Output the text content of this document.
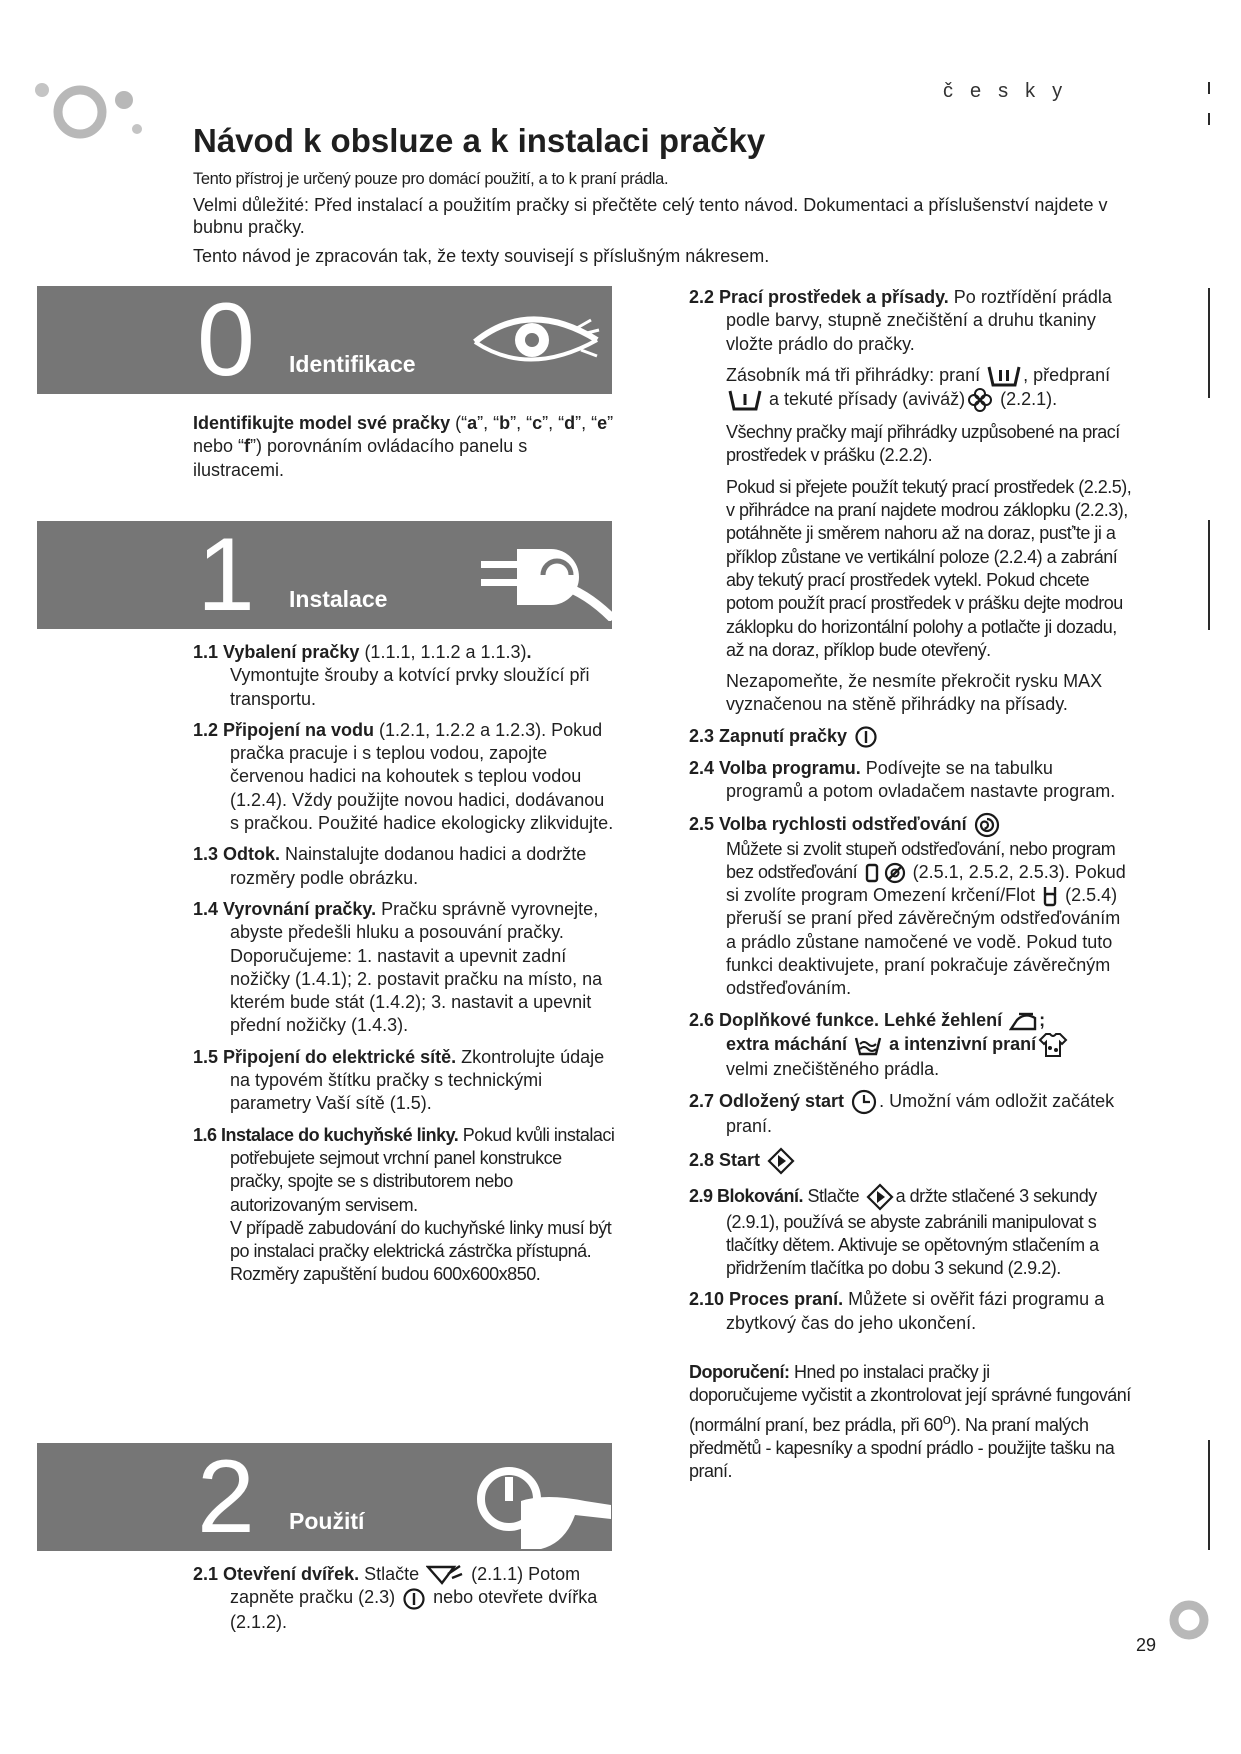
česky
Návod k obsluze a k instalaci pračky

Tento přístroj je určený pouze pro domácí použití, a to k praní prádla.

Velmi důležité: Před instalací a použitím pračky si přečtěte celý tento návod. Dokumentaci a příslušenství najdete v bubnu pračky.

Tento návod je zpracován tak, že texty souvisejí s příslušným nákresem.

0 Identifikace

Identifikujte model své pračky (“a”, “b”, “c”, “d”, “e” nebo “f”) porovnáním ovládacího panelu s ilustracemi.

1 Instalace

1.1 Vybalení pračky (1.1.1, 1.1.2 a 1.1.3).
Vymontujte šrouby a kotvící prvky sloužící při transportu.

1.2 Připojení na vodu (1.2.1, 1.2.2 a 1.2.3). Pokud pračka pracuje i s teplou vodou, zapojte červenou hadici na kohoutek s teplou vodou (1.2.4). Vždy použijte novou hadici, dodávanou s pračkou. Použité hadice ekologicky zlikvidujte.

1.3 Odtok. Nainstalujte dodanou hadici a dodržte rozměry podle obrázku.

1.4 Vyrovnání pračky. Pračku správně vyrovnejte, abyste předešli hluku a posouvání pračky. Doporučujeme: 1. nastavit a upevnit zadní nožičky (1.4.1); 2. postavit pračku na místo, na kterém bude stát (1.4.2); 3. nastavit a upevnit přední nožičky (1.4.3).

1.5 Připojení do elektrické sítě. Zkontrolujte údaje na typovém štítku pračky s technickými parametry Vaší sítě (1.5).

1.6 Instalace do kuchyňské linky. Pokud kvůli instalaci potřebujete sejmout vrchní panel konstrukce pračky, spojte se s distributorem nebo autorizovaným servisem.
V případě zabudování do kuchyňské linky musí být po instalaci pračky elektrická zástrčka přístupná. Rozměry zapuštění budou 600x600x850.

2 Použití

2.1 Otevření dvířek. Stlačte  (2.1.1) Potom zapněte pračku (2.3)  nebo otevřete dvířka (2.1.2).

2.2 Prací prostředek a přísady. Po roztřídění prádla podle barvy, stupně znečištění a druhu tkaniny vložte prádlo do pračky.

Zásobník má tři přihrádky: praní , předpraní  a tekuté přísady (aviváž) (2.2.1).

Všechny pračky mají přihrádky uzpůsobené na prací prostředek v prášku (2.2.2).

Pokud si přejete použít tekutý prací prostředek (2.2.5), v přihrádce na praní najdete modrou záklopku (2.2.3), potáhněte ji směrem nahoru až na doraz, pusť'te ji a příklop zůstane ve vertikální poloze (2.2.4) a zabrání aby tekutý prací prostředek vytekl. Pokud chcete potom použít prací prostředek v prášku dejte modrou záklopku do horizontální polohy a potlačte ji dozadu, až na doraz, příklop bude otevřený.

Nezapomeňte, že nesmíte překročit rysku MAX vyznačenou na stěně přihrádky na přísady.

2.3 Zapnutí pračky

2.4 Volba programu. Podívejte se na tabulku programů a potom ovladačem nastavte program.

2.5 Volba rychlosti odstřeďování
Můžete si zvolit stupeň odstřeďování, nebo program bez odstřeďování	(2.5.1, 2.5.2, 2.5.3). Pokud si zvolíte program Omezení krčení/Flot  (2.5.4) přeruší se praní před závěrečným odstřeďováním a prádlo zůstane namočené ve vodě. Pokud tuto funkci deaktivujete, praní pokračuje závěrečným odstřeďováním.

2.6 Doplňkové funkce. Lehké žehlení ;
extra máchání  a intenzivní praní
velmi znečištěného prádla.

2.7 Odložený start . Umožní vám odložit začátek praní.

2.8 Start

2.9 Blokování. Stlačte a držte stlačené 3 sekundy (2.9.1), používá se abyste zabránili manipulovat s tlačítky dětem. Aktivuje se opětovným stlačením a přidržením tlačítka po dobu 3 sekund (2.9.2).

2.10 Proces praní. Můžete si ověřit fázi programu a zbytkový čas do jeho ukončení.

Doporučení: Hned po instalaci pračky ji
doporučujeme vyčistit a zkontrolovat její správné fungování (normální praní, bez prádla, při 60$^o$). Na praní malých předmětů - kapesníky a spodní prádlo - použijte tašku na praní.

29
